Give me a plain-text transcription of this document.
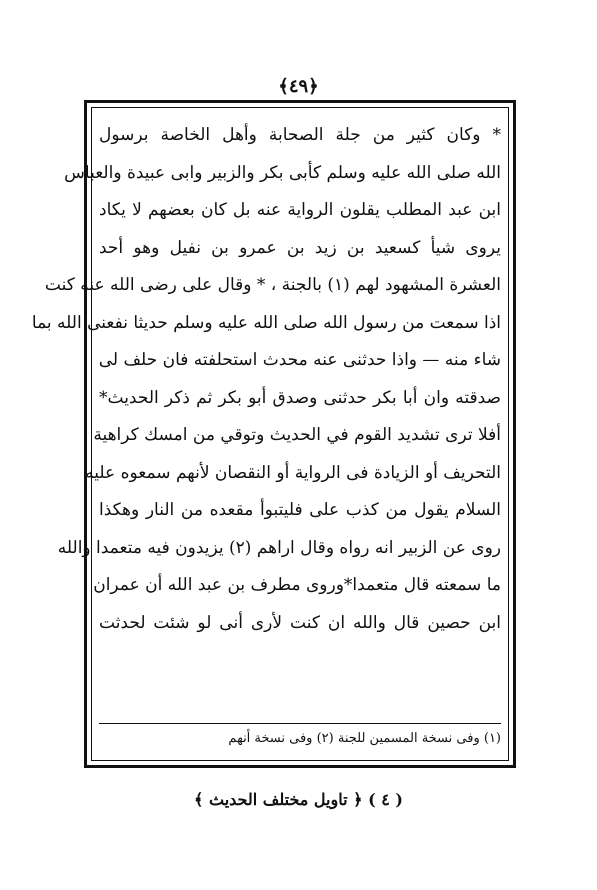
﴿٤٩﴾
* وكان كثير من جلة الصحابة وأهل الخاصة برسول
الله صلى الله عليه وسلم كأبى بكر والزبير وابى عبيدة والعباس
ابن عبد المطلب يقلون الرواية عنه بل كان بعضهم لا يكاد
يروى شيأ كسعيد بن زيد بن عمرو بن نفيل وهو أحد
العشرة المشهود لهم (١) بالجنة ، * وقال على رضى الله عنه كنت
اذا سمعت من رسول الله صلى الله عليه وسلم حديثا نفعنى الله بما
شاء منه — واذا حدثنى عنه محدث استحلفته فان حلف لى
صدقته وان أبا بكر حدثنى وصدق أبو بكر ثم ذكر الحديث*
أفلا ترى تشديد القوم في الحديث وتوقي من امسك كراهية
التحريف أو الزيادة فى الرواية أو النقصان لأنهم سمعوه عليه
السلام يقول من كذب على فليتبوأ مقعده من النار وهكذا
روى عن الزبير انه رواه وقال اراهم (٢) يزيدون فيه متعمدا والله
ما سمعته قال متعمدا*وروى مطرف بن عبد الله أن عمران
ابن حصين قال والله ان كنت لأرى أنى لو شئت لحدثت
(١) وفى نسخة المسمين للجنة (٢) وفى نسخة أنهم
( ٤ ) ﴿ تاويل مختلف الحديث ﴾
